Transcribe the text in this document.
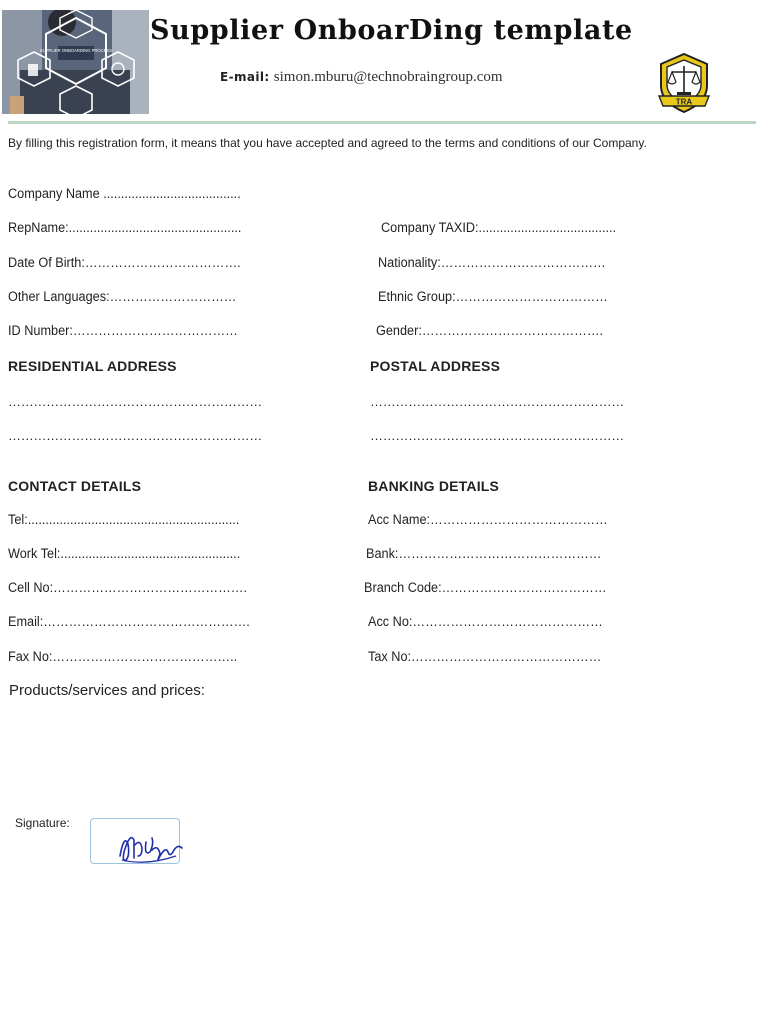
SUPPLIER ONBOARDING PROCESS
Supplier OnboarDing template
E-mail: simon.mburu@technobraingroup.com
TRA
By filling this registration form, it means that you have accepted and agreed to the terms and conditions of our Company.
Company Name .......................................
RepName:.................................................	Company TAXID:.......................................
Date Of Birth:……………………………….	Nationality:…………………………………
Other Languages:…………………………	Ethnic Group:………………………………
ID Number:…………………………………	Gender:…………………………………….
RESIDENTIAL ADDRESS	POSTAL ADDRESS
……………………………………………………	……………………………………………………
……………………………………………………	……………………………………………………
CONTACT DETAILS	BANKING DETAILS
Tel:............................................................	Acc Name:……………………………………
Work Tel:...................................................	Bank:…………………………………………
Cell No:……………………………………….	Branch Code:…………………………………
Email:………………………………………….	Acc No:………………………………………
Fax No:……………………………………..	Tax No:………………………………………
Products/services and prices:
Signature:
